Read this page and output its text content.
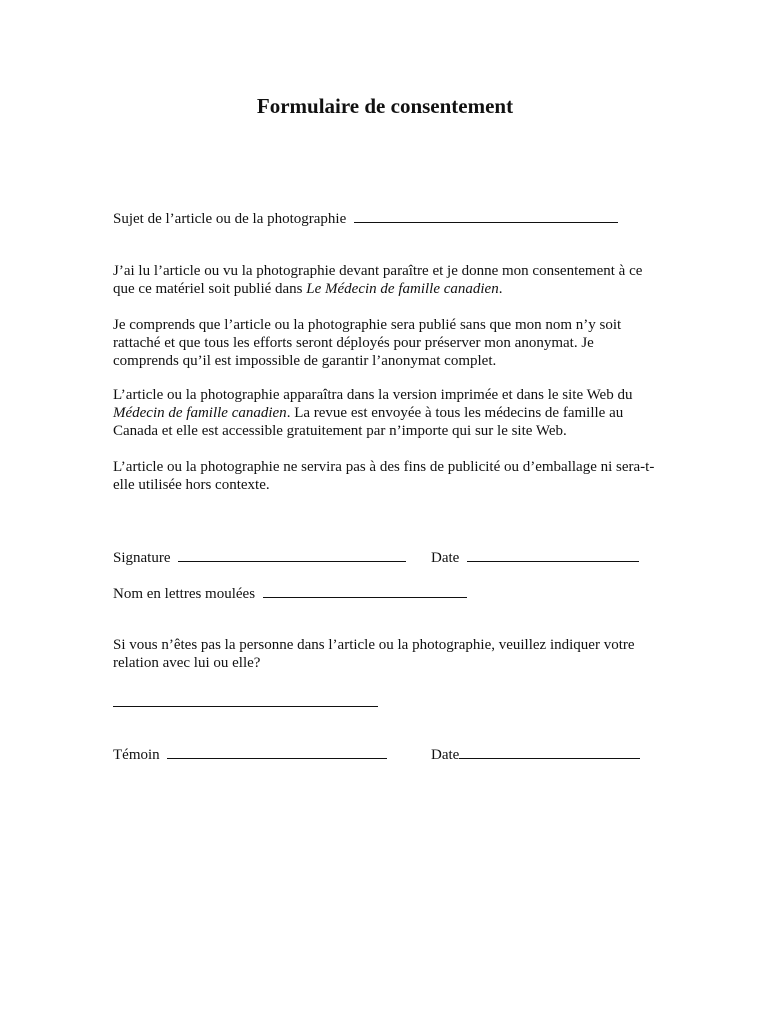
Formulaire de consentement
Sujet de l’article ou de la photographie

J’ai lu l’article ou vu la photographie devant paraître et je donne mon consentement à ce que ce matériel soit publié dans Le Médecin de famille canadien.

Je comprends que l’article ou la photographie sera publié sans que mon nom n’y soit rattaché et que tous les efforts seront déployés pour préserver mon anonymat. Je comprends qu’il est impossible de garantir l’anonymat complet.

L’article ou la photographie apparaîtra dans la version imprimée et dans le site Web du Médecin de famille canadien. La revue est envoyée à tous les médecins de famille au Canada et elle est accessible gratuitement par n’importe qui sur le site Web.

L’article ou la photographie ne servira pas à des fins de publicité ou d’emballage ni sera-t-elle utilisée hors contexte.

Signature	Date
Nom en lettres moulées

Si vous n’êtes pas la personne dans l’article ou la photographie, veuillez indiquer votre relation avec lui ou elle?

Témoin	Date
